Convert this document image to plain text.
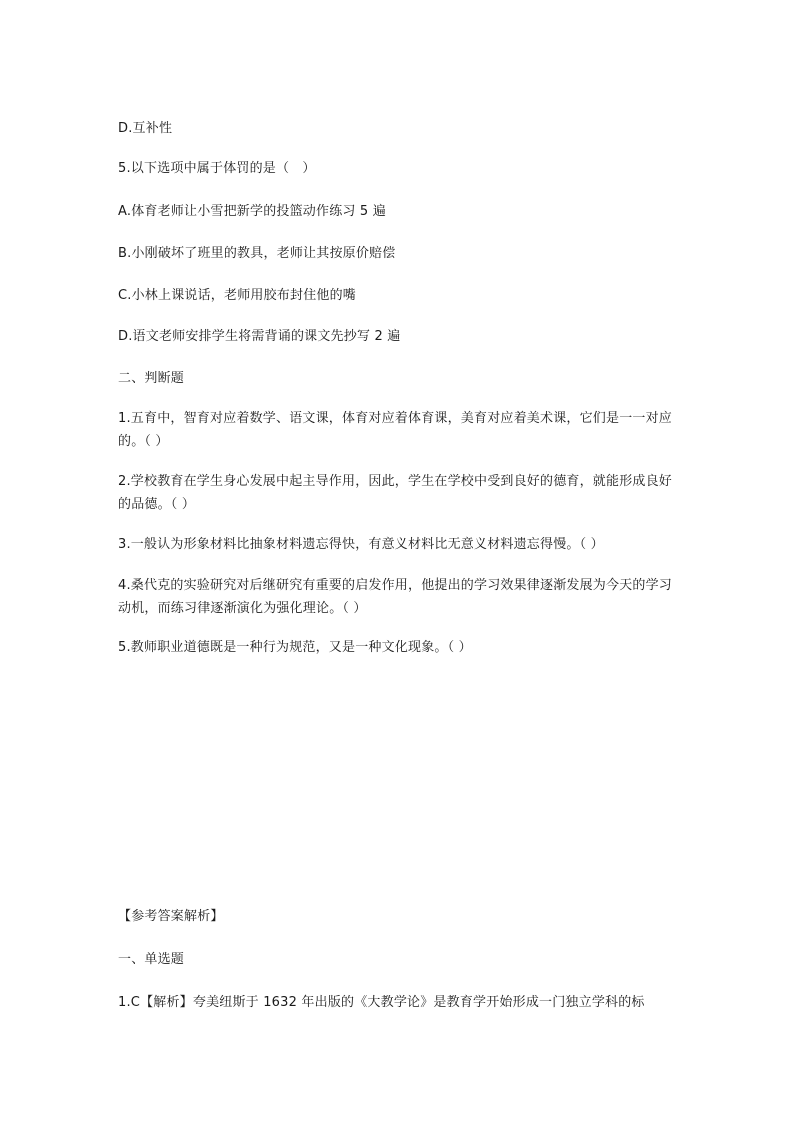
D.互补性
5.以下选项中属于体罚的是（　）
A.体育老师让小雪把新学的投篮动作练习 5 遍
B.小刚破坏了班里的教具，老师让其按原价赔偿
C.小林上课说话，老师用胶布封住他的嘴
D.语文老师安排学生将需背诵的课文先抄写 2 遍
二、判断题
1.五育中，智育对应着数学、语文课，体育对应着体育课，美育对应着美术课，它们是一一对应的。（ ）
2.学校教育在学生身心发展中起主导作用，因此，学生在学校中受到良好的德育，就能形成良好的品德。（ ）
3.一般认为形象材料比抽象材料遗忘得快，有意义材料比无意义材料遗忘得慢。（ ）
4.桑代克的实验研究对后继研究有重要的启发作用，他提出的学习效果律逐渐发展为今天的学习动机，而练习律逐渐演化为强化理论。（ ）
5.教师职业道德既是一种行为规范，又是一种文化现象。（ ）
【参考答案解析】
一、单选题
1.C【解析】夸美纽斯于 1632 年出版的《大教学论》是教育学开始形成一门独立学科的标
